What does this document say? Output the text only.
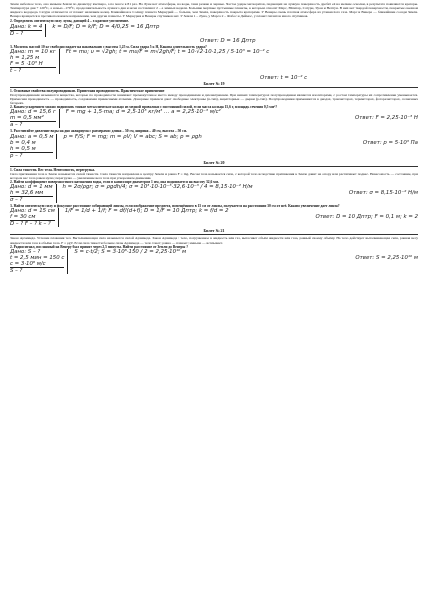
Земле небесное тело, оно меньше Земли по диаметру вчетверо, а по массе в 81 раз. На Луне нет атмосферы, на воды, тени резкие и черные. Частое удары метеоритов, падающих на лунную поверхность дробят её на мелкие осколки, в результате появляются кратеры. Температура дня + 120°С, а ночью –170°С, продолжительность лунного дня и ночи составляют 2 – е земных недели. Большие мертвые пустынные планеты, к которым относят Марс, Юпитер, Сатурн, Уран и Нептун. В них нет твердой поверхности, покрытые океаном жидкого водорода. Сатурн отличается от планет наличием колец. Ближайшая к Солнцу планета Меркурий — больше, чем Земля, поверхность покрыта кратерами. У Венеры очень плотная атмосфера из углекислого газа. Марс и Венера — ближайшие соседи Земли. Венера вращается в противоположном направлении, чем другие планеты. У Меркурия и Венеры спутников нет. У Земли 1 – Луна, у Марса 2 – Фобос и Деймос, у планет гигантов много спутников.

2. Определить оптическую силу лупы, дающей 4 – х кратное увеличение.

Дано: k = 4
D – ?
k = D/F; D = k/F; D = 4/0,25 = 16 Дптр
Ответ: D = 16 Дптр

3. Молоток массой 10 кг свободно падает на наковальню с высоты 1,25 м. Сила удара 5 к Н. Какова длительность удара?

Дано: m = 10 кг
h = 1,25 м
F = 5 ·10³ Н
t – ?
Ft = mυ; υ = √2gh; t = mυ/F = m√2gh/F; t = 10·√2·10·1,25 / 5·10³ = 10⁻² с
Ответ: t = 10⁻² с

Билет № 19

1. Основные свойства полупроводников. Примесная проводимость. Практическое применение

Полупроводниками называются вещества, которые по проводимости занимают промежуточное место между проводниками и диэлектриками. При низких температурах полупроводники являются изоляторами, с ростом температуры их сопротивление уменьшается. Примесная проводимость — проводимость, создаваемая примесными атомами. Донорные примеси дают свободные электроны (n-тип), акцепторные — дырки (p-тип). Полупроводники применяются в диодах, транзисторах, термисторах, фоторезисторах, солнечных батареях.

2. Каким ускорением можно поднимать тонкое металлическое кольцо из медной проволоки с постоянной силой, если масса кольца 15,6 г, площадь сечения 0,5 мм²?

Дано: d = 15,6 г
m = 0,5 мм²
a – ?
F = mg + 1,5·ma; d = 2,5·10³ кг/м³ … a = 2,25·10⁻³ м/с²
Ответ: F = 2,25·10⁻³ Н

3. Рассчитайте давление воды на дно аквариума с размерами: длина – 50 см, ширина – 40 см, высота – 50 см.

Дано: a = 0,5 м
b = 0,4 м
h = 0,5 м
p – ?
p = F/S; F = mg; m = ρV; V = abc; S = ab; p = ρgh
Ответ: p = 5·10³ Па

Билет № 20

1. Сила тяжести. Вес тела. Невесомость, перегрузка.

Сила притяжения тела к Земле называется силой тяжести. Сила тяжести направлена к центру Земли и равна F = mg. Весом тела называется сила, с которой тело вследствие притяжения к Земле давит на опору или растягивает подвес. Невесомость — состояние, при котором вес тела равен нулю; перегрузка — увеличение веса тела при ускоренном движении.

2. Найти коэффициент поверхностного натяжения воды, если в капилляре диаметром 1 мм, она поднимается на высоту 32,6 мм.

Дано: d = 1 мм
h = 32,6 мм
σ – ?
h = 2σ/ρgr; σ = ρgdh/4; σ = 10³·10·10⁻³·32,6·10⁻³ / 4 = 8,15·10⁻² Н/м
Ответ: σ = 8,15·10⁻² Н/м

3. Найти оптическую силу и фокусное расстояние собирающей линзы, если изображение предмета, помещённого в 15 см от линзы, получается на расстоянии 30 см от неё. Каково увеличение дает линза?

Дано: d = 15 см
f = 30 см
D – ? F – ? k – ?
1/F = 1/d + 1/f; F = df/(d+f); D = 1/F = 10 Дптр; k = f/d = 2
Ответ: D = 10 Дптр; F = 0,1 м; k = 2

Билет № 21

Закон Архимеда. Условие плавания тел. Выталкивающая сила называется силой Архимеда. Закон Архимеда : тело, погруженное в жидкость или газ, вытесняет объём жидкости или газа, равный своему объёму. На тело действует выталкивающая сила, равная весу жидкости или газа в объёме тела. F = ρgV. Если сила тяжести больше силы Архимеда — тело тонет; равна — плавает; меньше — всплывает.

2. Радиосигнал, посланный на Венеру был принят через 2,5 минуты. Найти расстояние от Земли до Венеры ?

Дано: S – ?
t = 2,5 мин = 150 с
c = 3·10⁸ м/с
S – ?
S = c·t/2; S = 3·10⁸·150 / 2 = 2,25·10¹⁰ м
Ответ: S = 2,25·10¹⁰ м
